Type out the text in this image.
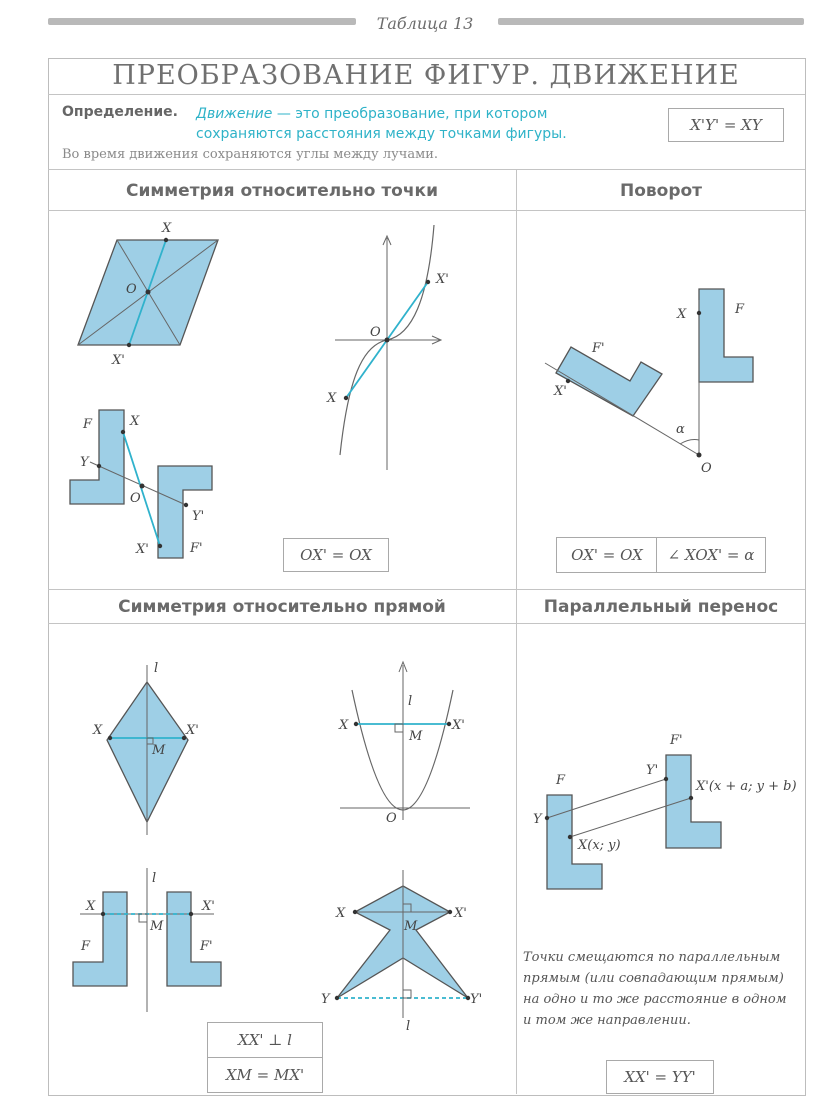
Таблица 13
ПРЕОБРАЗОВАНИЕ ФИГУР. ДВИЖЕНИЕ
Определение. Движение — это преобразование, при котором сохраняются расстояния между точками фигуры.	X'Y' = XY
Во время движения сохраняются углы между лучами.
Симметрия относительно точки	Поворот
Симметрия относительно прямой	Параллельный перенос
OX' = OX	OX' = OX	∠ XOX' = α
XX' ⊥ l
XM = MX'	XX' = YY'
Точки смещаются по параллельным прямым (или совпадающим прямым) на одно и то же расстояние в одном и том же направлении.
X
O
X'
O
X
X'
F	X
Y
O
Y'
X'	F'
X	F
F'
X'
α
O
l
X	X'
M
l
X	X'
M
O
l
X	X'
M
F	F'
X	X'
M
Y	Y'
l
F
Y
X(x; y)
F'
Y'
X'(x + a; y + b)
